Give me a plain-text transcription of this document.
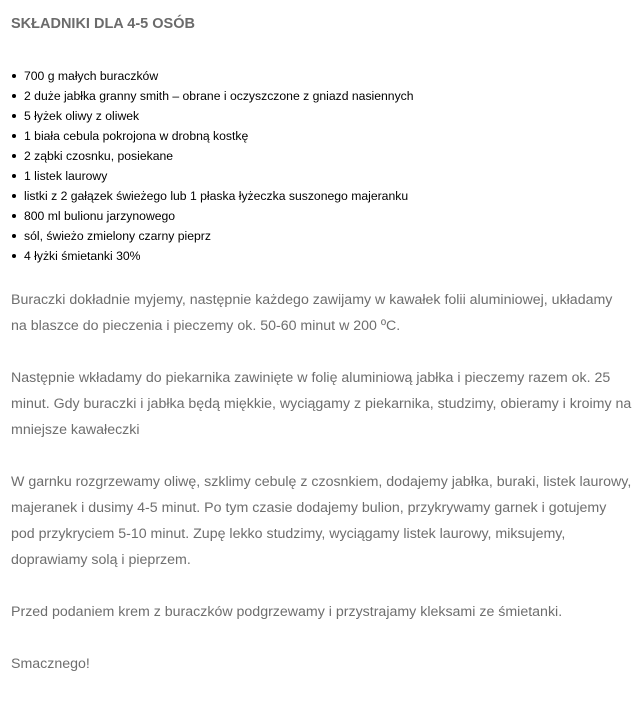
SKŁADNIKI DLA 4-5 OSÓB
700 g małych buraczków
2 duże jabłka granny smith – obrane i oczyszczone z gniazd nasiennych
5 łyżek oliwy z oliwek
1 biała cebula pokrojona w drobną kostkę
2 ząbki czosnku, posiekane
1 listek laurowy
listki z 2 gałązek świeżego lub 1 płaska łyżeczka suszonego majeranku
800 ml bulionu jarzynowego
sól, świeżo zmielony czarny pieprz
4 łyżki śmietanki 30%

Buraczki dokładnie myjemy, następnie każdego zawijamy w kawałek folii aluminiowej, układamy na blaszce do pieczenia i pieczemy ok. 50-60 minut w 200 ºC.

Następnie wkładamy do piekarnika zawinięte w folię aluminiową jabłka i pieczemy razem ok. 25 minut. Gdy buraczki i jabłka będą miękkie, wyciągamy z piekarnika, studzimy, obieramy i kroimy na mniejsze kawałeczki

W garnku rozgrzewamy oliwę, szklimy cebulę z czosnkiem, dodajemy jabłka, buraki, listek laurowy, majeranek i dusimy 4-5 minut. Po tym czasie dodajemy bulion, przykrywamy garnek i gotujemy pod przykryciem 5-10 minut. Zupę lekko studzimy, wyciągamy listek laurowy, miksujemy, doprawiamy solą i pieprzem.

Przed podaniem krem z buraczków podgrzewamy i przystrajamy kleksami ze śmietanki.

Smacznego!
